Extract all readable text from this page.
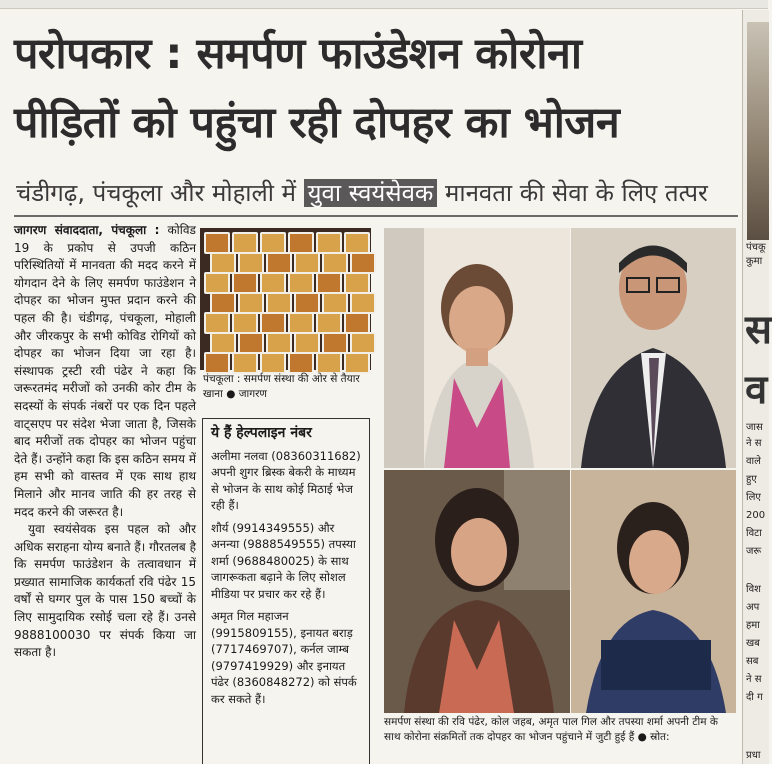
परोपकार : समर्पण फाउंडेशन कोरोना
पीड़ितों को पहुंचा रही दोपहर का भोजन
चंडीगढ़, पंचकूला और मोहाली में युवा स्वयंसेवक मानवता की सेवा के लिए तत्पर

जागरण संवाददाता, पंचकूला : कोविड 19 के प्रकोप से उपजी कठिन परिस्थितियों में मानवता की मदद करने में योगदान देने के लिए समर्पण फाउंडेशन ने दोपहर का भोजन मुफ्त प्रदान करने की पहल की है। चंडीगढ़, पंचकूला, मोहाली और जीरकपुर के सभी कोविड रोगियों को दोपहर का भोजन दिया जा रहा है। संस्थापक ट्रस्टी रवी पंढेर ने कहा कि जरूरतमंद मरीजों को उनकी कोर टीम के सदस्यों के संपर्क नंबरों पर एक दिन पहले वाट्सएप पर संदेश भेजा जाता है, जिसके बाद मरीजों तक दोपहर का भोजन पहुंचा देते हैं। उन्होंने कहा कि इस कठिन समय में हम सभी को वास्तव में एक साथ हाथ मिलाने और मानव जाति की हर तरह से मदद करने की जरूरत है।

युवा स्वयंसेवक इस पहल को और अधिक सराहना योग्य बनाते हैं। गौरतलब है कि समर्पण फाउंडेशन के तत्वावधान में प्रख्यात सामाजिक कार्यकर्ता रवि पंढेर 15 वर्षों से घग्गर पुल के पास 150 बच्चों के लिए सामुदायिक रसोई चला रहे हैं। उनसे 9888100030 पर संपर्क किया जा सकता है।

पंचकूला : समर्पण संस्था की ओर से तैयार खाना ● जागरण
ये हैं हेल्पलाइन नंबर

अलीमा नलवा (08360311682) अपनी शुगर ब्रिस्क बेकरी के माध्यम से भोजन के साथ कोई मिठाई भेज रही हैं।

शौर्य (9914349555) और अनन्या (9888549555) तपस्या शर्मा (9688480025) के साथ जागरूकता बढ़ाने के लिए सोशल मीडिया पर प्रचार कर रहे हैं।

अमृत गिल महाजन (9915809155), इनायत बराड़ (7717469707), कर्नल जाम्ब (9797419929) और इनायत पंढेर (8360848272) को संपर्क कर सकते हैं।

समर्पण संस्था की रवि पंढेर, कोल जहब, अमृत पाल गिल और तपस्या शर्मा अपनी टीम के साथ कोरोना संक्रमितों तक दोपहर का भोजन पहुंचाने में जुटी हुई हैं ● स्रोत:
पंचकू
कुमा
स
व
जास
ने स
वाले
हुए
लिए
200
विटा
जरू
विश
अप
हमा
खब
सब
ने स
दी ग
प्रधा
